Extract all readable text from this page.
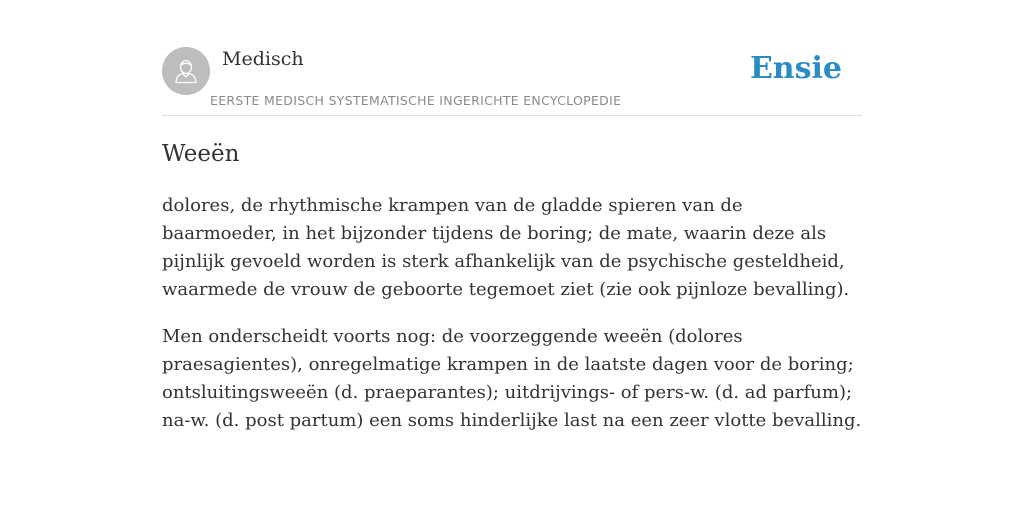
Medisch
EERSTE MEDISCH SYSTEMATISCHE INGERICHTE ENCYCLOPEDIE
Ensie
Weeën

dolores, de rhythmische krampen van de gladde spieren van de baarmoeder, in het bijzonder tijdens de boring; de mate, waarin deze als pijnlijk gevoeld worden is sterk afhankelijk van de psychische gesteldheid, waarmede de vrouw de geboorte tegemoet ziet (zie ook pijnloze bevalling).

Men onderscheidt voorts nog: de voorzeggende weeën (dolores praesagientes), onregelmatige krampen in de laatste dagen voor de boring; ontsluitingsweeën (d. praeparantes); uitdrijvings- of pers-w. (d. ad parfum); na-w. (d. post partum) een soms hinderlijke last na een zeer vlotte bevalling.
